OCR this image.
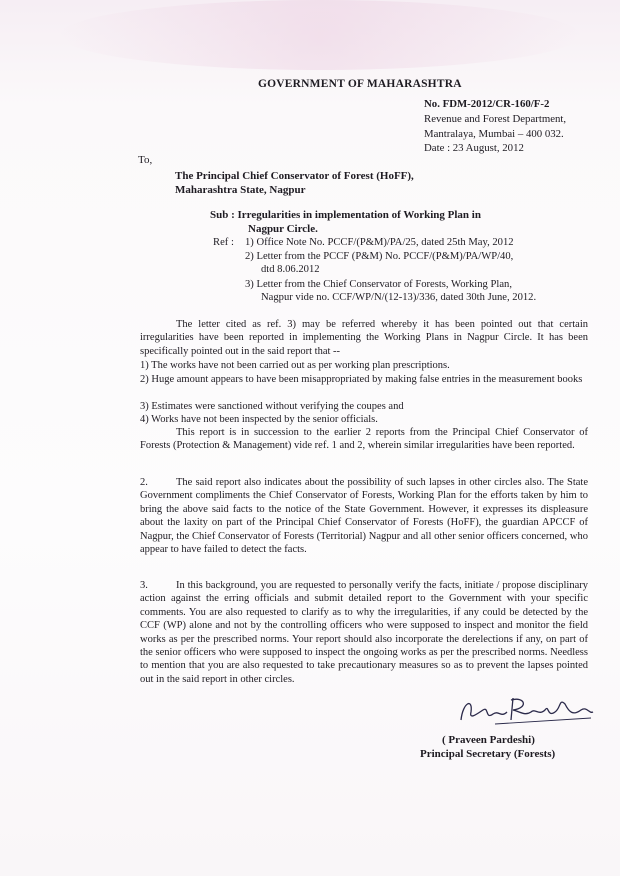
GOVERNMENT OF MAHARASHTRA
No. FDM-2012/CR-160/F-2
Revenue and Forest Department,
Mantralaya, Mumbai – 400 032.
Date : 23 August, 2012
To,
The Principal Chief Conservator of Forest (HoFF),
Maharashtra State, Nagpur
Sub : Irregularities in implementation of Working Plan in
Nagpur Circle.
Ref : 1) Office Note No. PCCF/(P&M)/PA/25, dated 25th May, 2012
2) Letter from the PCCF (P&M) No. PCCF/(P&M)/PA/WP/40,
dtd 8.06.2012
3) Letter from the Chief Conservator of Forests, Working Plan,
Nagpur vide no. CCF/WP/N/(12-13)/336, dated 30th June, 2012.
The letter cited as ref. 3) may be referred whereby it has been pointed out that certain irregularities have been reported in implementing the Working Plans in Nagpur Circle. It has been specifically pointed out in the said report that --
1) The works have not been carried out as per working plan prescriptions.
2) Huge amount appears to have been misappropriated by making false entries in the measurement books
3) Estimates were sanctioned without verifying the coupes and
4) Works have not been inspected by the senior officials.
This report is in succession to the earlier 2 reports from the Principal Chief Conservator of Forests (Protection & Management) vide ref. 1 and 2, wherein similar irregularities have been reported.
2.	The said report also indicates about the possibility of such lapses in other circles also. The State Government compliments the Chief Conservator of Forests, Working Plan for the efforts taken by him to bring the above said facts to the notice of the State Government. However, it expresses its displeasure about the laxity on part of the Principal Chief Conservator of Forests (HoFF), the guardian APCCF of Nagpur, the Chief Conservator of Forests (Territorial) Nagpur and all other senior officers concerned, who appear to have failed to detect the facts.
3.	In this background, you are requested to personally verify the facts, initiate / propose disciplinary action against the erring officials and submit detailed report to the Government with your specific comments. You are also requested to clarify as to why the irregularities, if any could be detected by the CCF (WP) alone and not by the controlling officers who were supposed to inspect and monitor the field works as per the prescribed norms. Your report should also incorporate the derelections if any, on part of the senior officers who were supposed to inspect the ongoing works as per the prescribed norms. Needless to mention that you are also requested to take precautionary measures so as to prevent the lapses pointed out in the said report in other circles.
( Praveen Pardeshi)
Principal Secretary (Forests)
